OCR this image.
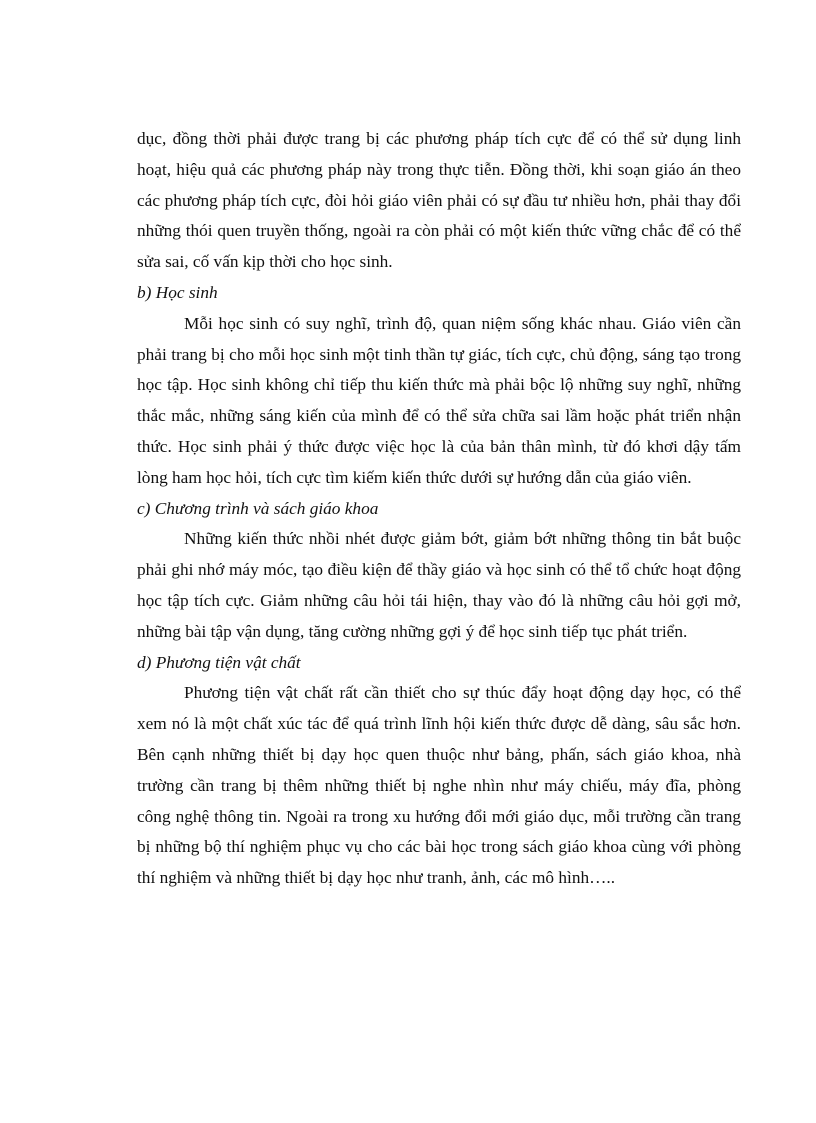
dục, đồng thời phải được trang bị các phương pháp tích cực để có thể sử dụng linh hoạt, hiệu quả các phương pháp này trong thực tiễn. Đồng thời, khi soạn giáo án theo các phương pháp tích cực, đòi hỏi giáo viên phải có sự đầu tư nhiều hơn, phải thay đổi những thói quen truyền thống, ngoài ra còn phải có một kiến thức vững chắc để có thể sửa sai, cố vấn kịp thời cho học sinh.

b) Học sinh

Mỗi học sinh có suy nghĩ, trình độ, quan niệm sống khác nhau. Giáo viên cần phải trang bị cho mỗi học sinh một tinh thần tự giác, tích cực, chủ động, sáng tạo trong học tập. Học sinh không chỉ tiếp thu kiến thức mà phải bộc lộ những suy nghĩ, những thắc mắc, những sáng kiến của mình để có thể sửa chữa sai lầm hoặc phát triển nhận thức. Học sinh phải ý thức được việc học là của bản thân mình, từ đó khơi dậy tấm lòng ham học hỏi, tích cực tìm kiếm kiến thức dưới sự hướng dẫn của giáo viên.

c) Chương trình và sách giáo khoa

Những kiến thức nhồi nhét được giảm bớt, giảm bớt những thông tin bắt buộc phải ghi nhớ máy móc, tạo điều kiện để thầy giáo và học sinh có thể tổ chức hoạt động học tập tích cực. Giảm những câu hỏi tái hiện, thay vào đó là những câu hỏi gợi mở, những bài tập vận dụng, tăng cường những gợi ý để học sinh tiếp tục phát triển.

d) Phương tiện vật chất

Phương tiện vật chất rất cần thiết cho sự thúc đẩy hoạt động dạy học, có thể xem nó là một chất xúc tác để quá trình lĩnh hội kiến thức được dễ dàng, sâu sắc hơn. Bên cạnh những thiết bị dạy học quen thuộc như bảng, phấn, sách giáo khoa, nhà trường cần trang bị thêm những thiết bị nghe nhìn như máy chiếu, máy đĩa, phòng công nghệ thông tin. Ngoài ra trong xu hướng đổi mới giáo dục, mỗi trường cần trang bị những bộ thí nghiệm phục vụ cho các bài học trong sách giáo khoa cùng với phòng thí nghiệm và những thiết bị dạy học như tranh, ảnh, các mô hình…..
